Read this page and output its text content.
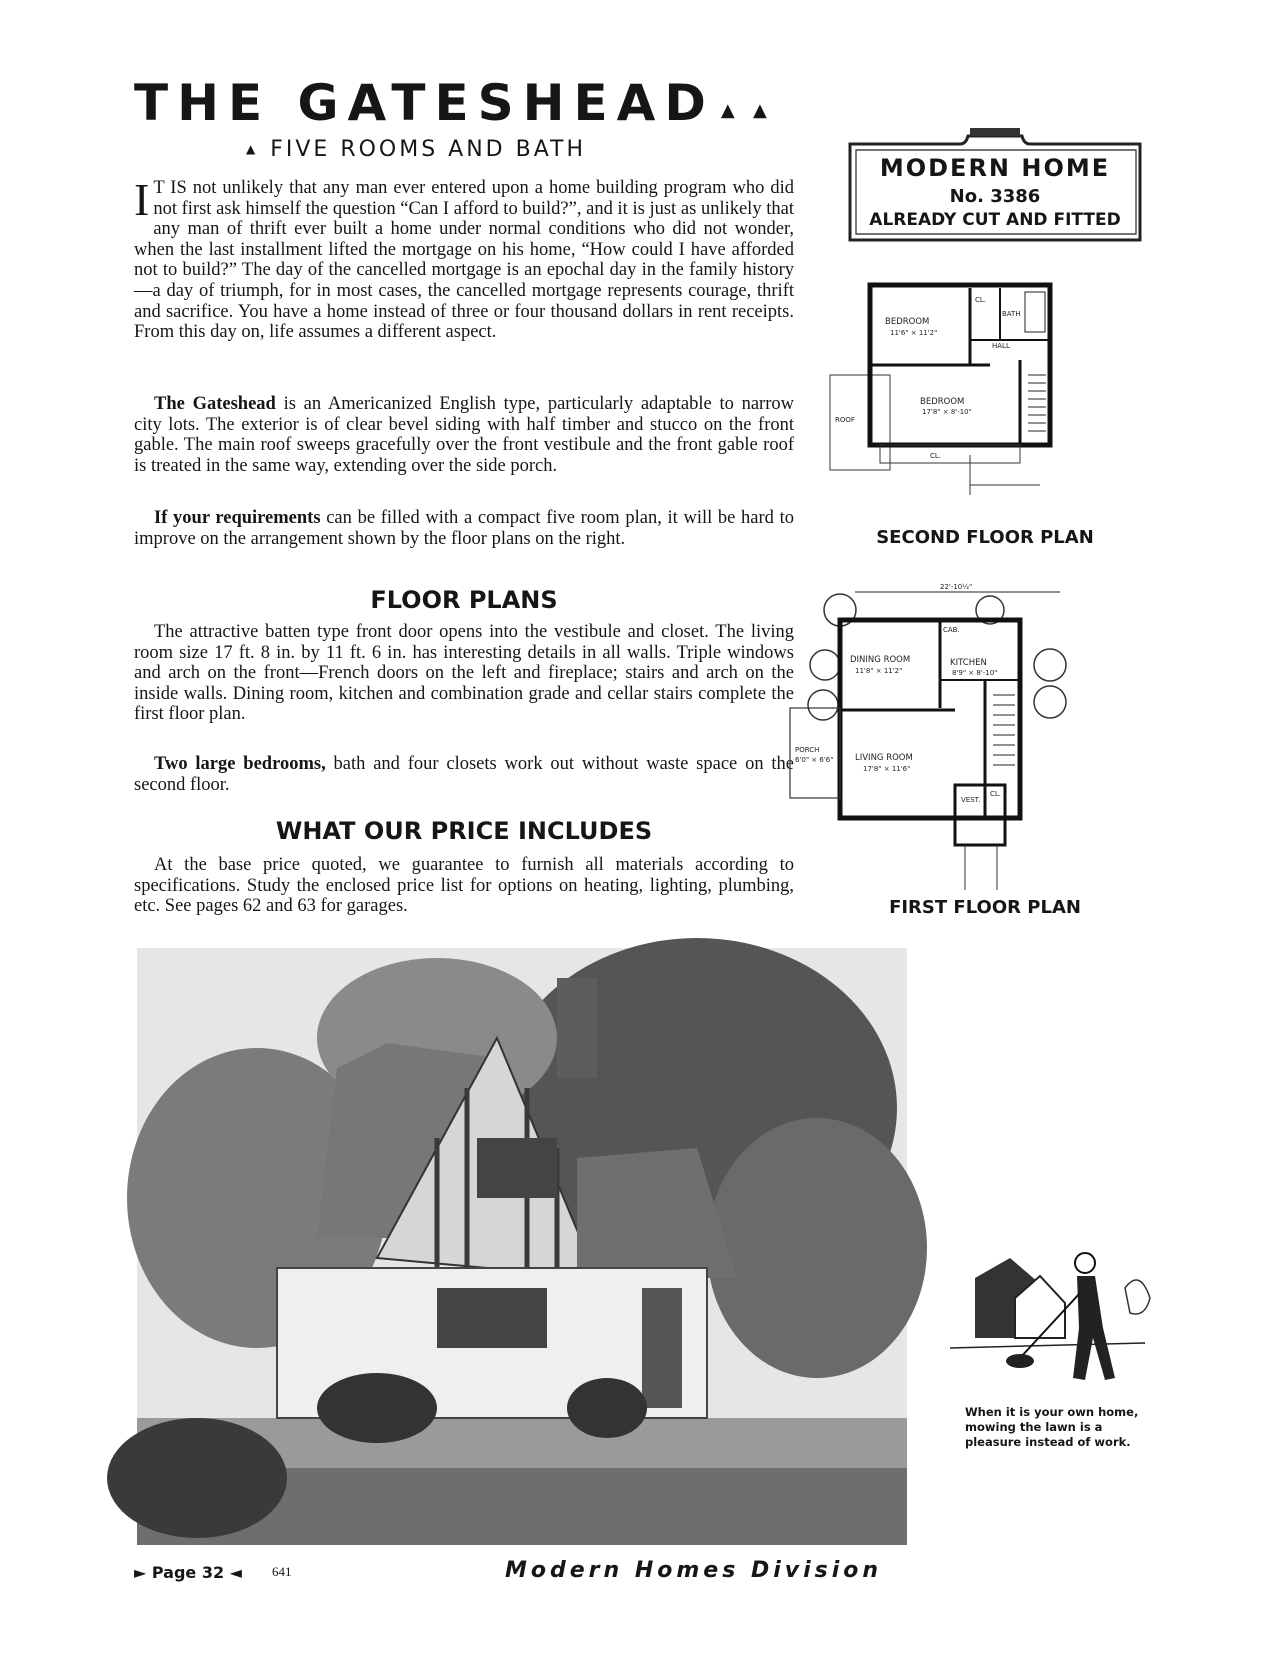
THE GATESHEAD ▲ ▲
▲ FIVE ROOMS AND BATH
I T IS not unlikely that any man ever entered upon a home building program who did not first ask himself the question “Can I afford to build?”, and it is just as unlikely that any man of thrift ever built a home under normal conditions who did not wonder, when the last installment lifted the mortgage on his home, “How could I have afforded not to build?” The day of the cancelled mortgage is an epochal day in the family history—a day of triumph, for in most cases, the cancelled mortgage represents courage, thrift and sacrifice. You have a home instead of three or four thousand dollars in rent receipts. From this day on, life assumes a different aspect.
The Gateshead is an Americanized English type, particularly adaptable to narrow city lots. The exterior is of clear bevel siding with half timber and stucco on the front gable. The main roof sweeps gracefully over the front vestibule and the front gable roof is treated in the same way, extending over the side porch.
If your requirements can be filled with a compact five room plan, it will be hard to improve on the arrangement shown by the floor plans on the right.
FLOOR PLANS
The attractive batten type front door opens into the vestibule and closet. The living room size 17 ft. 8 in. by 11 ft. 6 in. has interesting details in all walls. Triple windows and arch on the front—French doors on the left and fireplace; stairs and arch on the inside walls. Dining room, kitchen and combination grade and cellar stairs complete the first floor plan.
Two large bedrooms, bath and four closets work out without waste space on the second floor.
WHAT OUR PRICE INCLUDES
At the base price quoted, we guarantee to furnish all materials according to specifications. Study the enclosed price list for options on heating, lighting, plumbing, etc. See pages 62 and 63 for garages.
MODERN HOME
No. 3386
ALREADY CUT AND FITTED
BEDROOM
11'6" × 11'2"
BEDROOM
17'8" × 8'-10"
BATH
HALL
CL.
CL.
ROOF
SECOND FLOOR PLAN
22'-10½"
DINING ROOM
11'8" × 11'2"
KITCHEN
8'9" × 8'-10"
LIVING ROOM
17'8" × 11'6"
PORCH
6'0" × 6'6"
VEST.
CL.
CAB.
FIRST FLOOR PLAN
When it is your own home, mowing the lawn is a pleasure instead of work.
► Page 32 ◄ 641	Modern Homes Division
